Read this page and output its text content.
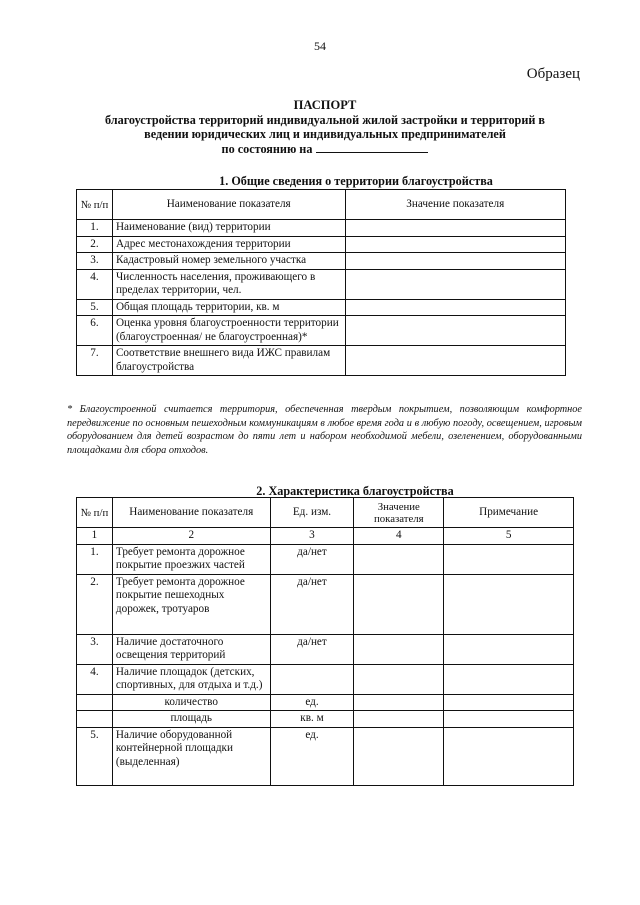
54
Образец
ПАСПОРТ
благоустройства территорий индивидуальной жилой застройки и территорий в
ведении юридических лиц и индивидуальных предпринимателей
по состоянию на
1. Общие сведения о территории благоустройства
№ п/п	Наименование показателя	Значение показателя
1.	Наименование (вид) территории	
2.	Адрес местонахождения территории	
3.	Кадастровый номер земельного участка	
4.	Численность населения, проживающего в пределах территории, чел.	
5.	Общая площадь территории, кв. м	
6.	Оценка уровня благоустроенности территории (благоустроенная/ не благоустроенная)*	
7.	Соответствие внешнего вида ИЖС правилам благоустройства	
* Благоустроенной считается территория, обеспеченная твердым покрытием, позволяющим комфортное передвижение по основным пешеходным коммуникациям в любое время года и в любую погоду, освещением, игровым оборудованием для детей возрастом до пяти лет и набором необходимой мебели, озеленением, оборудованными площадками для сбора отходов.
2. Характеристика благоустройства
№ п/п	Наименование показателя	Ед. изм.	Значение показателя	Примечание
1	2	3	4	5
1.	Требует ремонта дорожное покрытие проезжих частей	да/нет		
2.	Требует ремонта дорожное покрытие пешеходных дорожек, тротуаров	да/нет		
3.	Наличие достаточного освещения территорий	да/нет		
4.	Наличие площадок (детских, спортивных, для отдыха и т.д.)			
	количество	ед.		
	площадь	кв. м		
5.	Наличие оборудованной контейнерной площадки (выделенная)	ед.		
